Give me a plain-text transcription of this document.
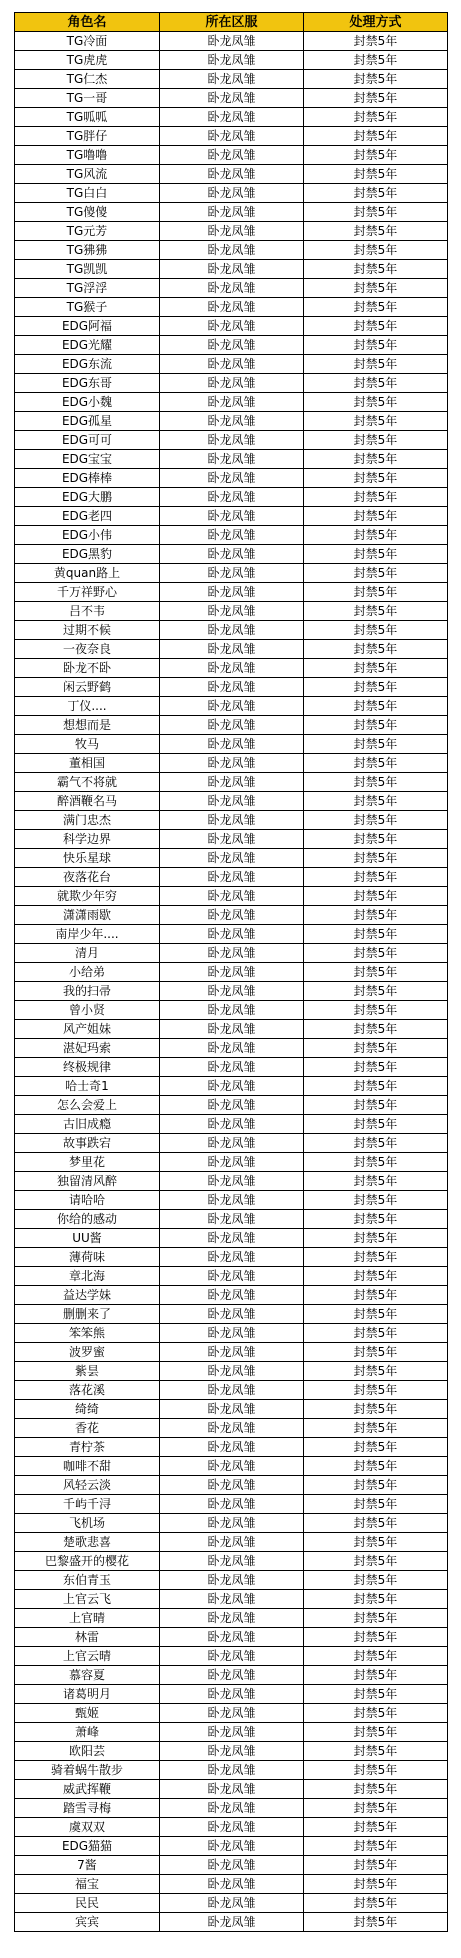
角色名	所在区服	处理方式
TG冷面	卧龙凤雏	封禁5年
TG虎虎	卧龙凤雏	封禁5年
TG仁杰	卧龙凤雏	封禁5年
TG一哥	卧龙凤雏	封禁5年
TG呱呱	卧龙凤雏	封禁5年
TG胖仔	卧龙凤雏	封禁5年
TG噜噜	卧龙凤雏	封禁5年
TG风流	卧龙凤雏	封禁5年
TG白白	卧龙凤雏	封禁5年
TG傻傻	卧龙凤雏	封禁5年
TG元芳	卧龙凤雏	封禁5年
TG狒狒	卧龙凤雏	封禁5年
TG凯凯	卧龙凤雏	封禁5年
TG浮浮	卧龙凤雏	封禁5年
TG猴子	卧龙凤雏	封禁5年
EDG阿福	卧龙凤雏	封禁5年
EDG光耀	卧龙凤雏	封禁5年
EDG东流	卧龙凤雏	封禁5年
EDG东哥	卧龙凤雏	封禁5年
EDG小魏	卧龙凤雏	封禁5年
EDG孤星	卧龙凤雏	封禁5年
EDG可可	卧龙凤雏	封禁5年
EDG宝宝	卧龙凤雏	封禁5年
EDG棒棒	卧龙凤雏	封禁5年
EDG大鹏	卧龙凤雏	封禁5年
EDG老四	卧龙凤雏	封禁5年
EDG小伟	卧龙凤雏	封禁5年
EDG黑豹	卧龙凤雏	封禁5年
黄quan路上	卧龙凤雏	封禁5年
千万祥野心	卧龙凤雏	封禁5年
吕不韦	卧龙凤雏	封禁5年
过期不候	卧龙凤雏	封禁5年
一夜奈良	卧龙凤雏	封禁5年
卧龙不卧	卧龙凤雏	封禁5年
闲云野鹤	卧龙凤雏	封禁5年
丁仪....	卧龙凤雏	封禁5年
想想而是	卧龙凤雏	封禁5年
牧马	卧龙凤雏	封禁5年
董相国	卧龙凤雏	封禁5年
霸气不将就	卧龙凤雏	封禁5年
醉酒鞭名马	卧龙凤雏	封禁5年
满门忠杰	卧龙凤雏	封禁5年
科学边界	卧龙凤雏	封禁5年
快乐星球	卧龙凤雏	封禁5年
夜落花台	卧龙凤雏	封禁5年
就欺少年穷	卧龙凤雏	封禁5年
潇潇雨歇	卧龙凤雏	封禁5年
南岸少年....	卧龙凤雏	封禁5年
清月	卧龙凤雏	封禁5年
小给弟	卧龙凤雏	封禁5年
我的扫帚	卧龙凤雏	封禁5年
曾小贤	卧龙凤雏	封禁5年
风产姐妹	卧龙凤雏	封禁5年
湛妃玛索	卧龙凤雏	封禁5年
终极规律	卧龙凤雏	封禁5年
哈士奇1	卧龙凤雏	封禁5年
怎么会爱上	卧龙凤雏	封禁5年
古旧成瘾	卧龙凤雏	封禁5年
故事跌宕	卧龙凤雏	封禁5年
梦里花	卧龙凤雏	封禁5年
独留清风醉	卧龙凤雏	封禁5年
请哈哈	卧龙凤雏	封禁5年
你给的感动	卧龙凤雏	封禁5年
UU酱	卧龙凤雏	封禁5年
薄荷味	卧龙凤雏	封禁5年
章北海	卧龙凤雏	封禁5年
益达学妹	卧龙凤雏	封禁5年
删删来了	卧龙凤雏	封禁5年
笨笨熊	卧龙凤雏	封禁5年
波罗蜜	卧龙凤雏	封禁5年
紫昙	卧龙凤雏	封禁5年
落花溪	卧龙凤雏	封禁5年
绮绮	卧龙凤雏	封禁5年
香花	卧龙凤雏	封禁5年
青柠茶	卧龙凤雏	封禁5年
咖啡不甜	卧龙凤雏	封禁5年
风轻云淡	卧龙凤雏	封禁5年
千屿千浔	卧龙凤雏	封禁5年
飞机场	卧龙凤雏	封禁5年
楚歌悲喜	卧龙凤雏	封禁5年
巴黎盛开的樱花	卧龙凤雏	封禁5年
东伯青玉	卧龙凤雏	封禁5年
上官云飞	卧龙凤雏	封禁5年
上官晴	卧龙凤雏	封禁5年
林雷	卧龙凤雏	封禁5年
上官云晴	卧龙凤雏	封禁5年
慕容夏	卧龙凤雏	封禁5年
诸葛明月	卧龙凤雏	封禁5年
甄姬	卧龙凤雏	封禁5年
萧峰	卧龙凤雏	封禁5年
欧阳芸	卧龙凤雏	封禁5年
骑着蜗牛散步	卧龙凤雏	封禁5年
威武挥鞭	卧龙凤雏	封禁5年
踏雪寻梅	卧龙凤雏	封禁5年
虞双双	卧龙凤雏	封禁5年
EDG猫猫	卧龙凤雏	封禁5年
7酱	卧龙凤雏	封禁5年
福宝	卧龙凤雏	封禁5年
民民	卧龙凤雏	封禁5年
宾宾	卧龙凤雏	封禁5年
